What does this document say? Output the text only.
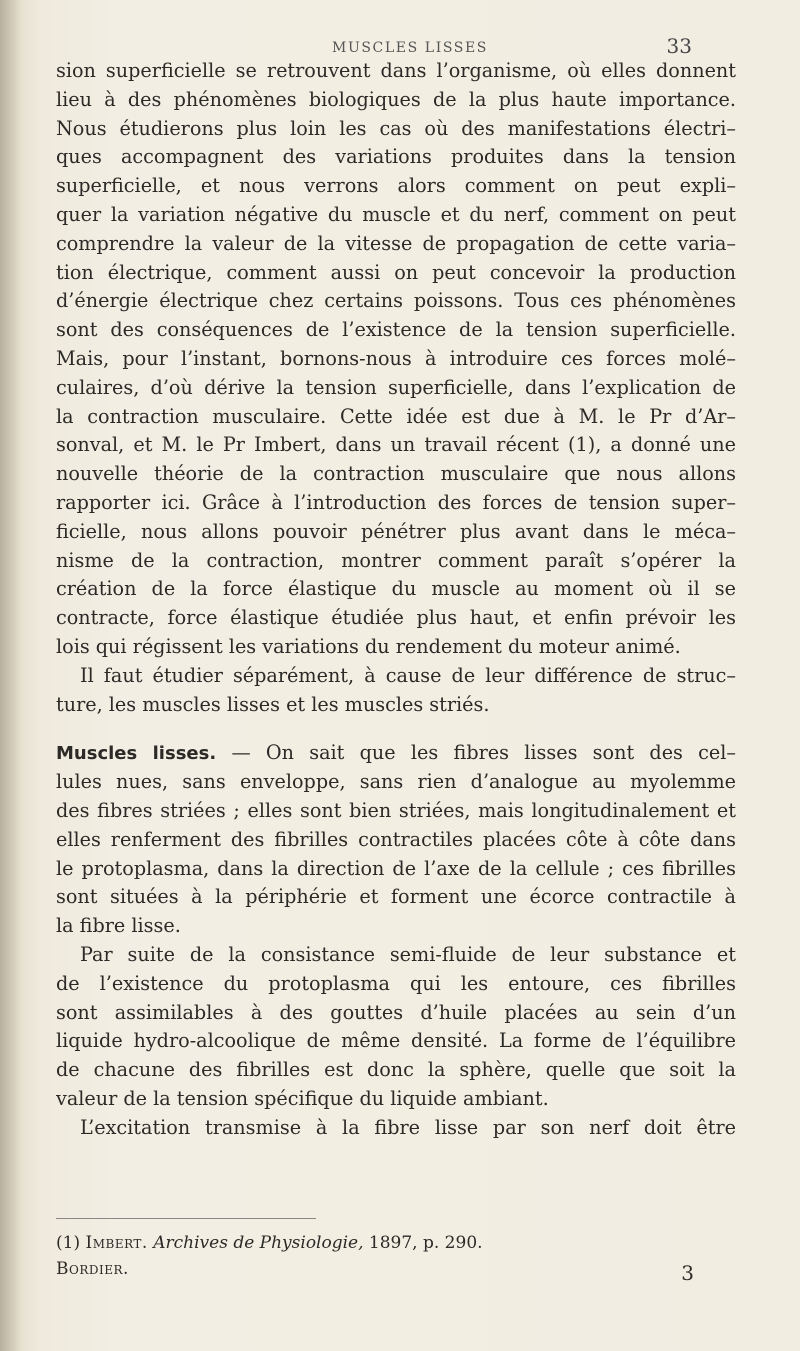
MUSCLES LISSES	33
sion superficielle se retrouvent dans l’organisme, où elles donnent
lieu à des phénomènes biologiques de la plus haute importance.
Nous étudierons plus loin les cas où des manifestations électri–
ques accompagnent des variations produites dans la tension
superficielle, et nous verrons alors comment on peut expli–
quer la variation négative du muscle et du nerf, comment on peut
comprendre la valeur de la vitesse de propagation de cette varia–
tion électrique, comment aussi on peut concevoir la production
d’énergie électrique chez certains poissons. Tous ces phénomènes
sont des conséquences de l’existence de la tension superficielle.
Mais, pour l’instant, bornons-nous à introduire ces forces molé–
culaires, d’où dérive la tension superficielle, dans l’explication de
la contraction musculaire. Cette idée est due à M. le Pr d’Ar–
sonval, et M. le Pr Imbert, dans un travail récent (1), a donné une
nouvelle théorie de la contraction musculaire que nous allons
rapporter ici. Grâce à l’introduction des forces de tension super–
ficielle, nous allons pouvoir pénétrer plus avant dans le méca–
nisme de la contraction, montrer comment paraît s’opérer la
création de la force élastique du muscle au moment où il se
contracte, force élastique étudiée plus haut, et enfin prévoir les
lois qui régissent les variations du rendement du moteur animé.
Il faut étudier séparément, à cause de leur différence de struc–
ture, les muscles lisses et les muscles striés.
Muscles lisses. — On sait que les fibres lisses sont des cel–
lules nues, sans enveloppe, sans rien d’analogue au myolemme
des fibres striées ; elles sont bien striées, mais longitudinalement et
elles renferment des fibrilles contractiles placées côte à côte dans
le protoplasma, dans la direction de l’axe de la cellule ; ces fibrilles
sont situées à la périphérie et forment une écorce contractile à
la fibre lisse.
Par suite de la consistance semi-fluide de leur substance et
de l’existence du protoplasma qui les entoure, ces fibrilles
sont assimilables à des gouttes d’huile placées au sein d’un
liquide hydro-alcoolique de même densité. La forme de l’équilibre
de chacune des fibrilles est donc la sphère, quelle que soit la
valeur de la tension spécifique du liquide ambiant.
L’excitation transmise à la fibre lisse par son nerf doit être
(1) Imbert. Archives de Physiologie, 1897, p. 290.
Bordier.	3
